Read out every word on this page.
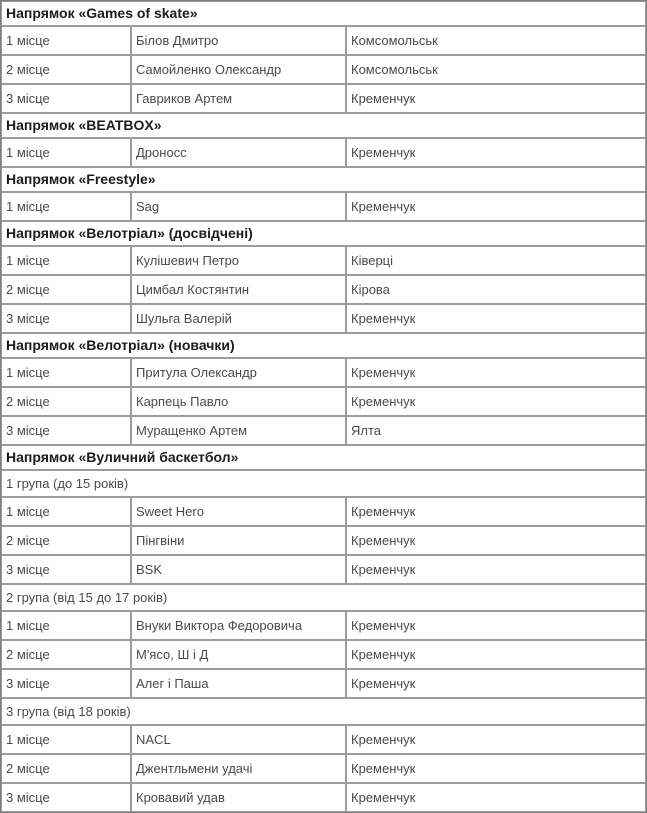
Напрямок «Games of skate»		
1 місце	Білов Дмитро	Комсомольськ
2 місце	Самойленко Олександр	Комсомольськ
3 місце	Гавриков Артем	Кременчук
Напрямок «BEATBOX»		
1 місце	Дроносс	Кременчук
Напрямок «Freestyle»		
1 місце	Sag	Кременчук
Напрямок «Велотріал» (досвідчені)		
1 місце	Кулішевич Петро	Ківерці
2 місце	Цимбал Костянтин	Кірова
3 місце	Шульга Валерій	Кременчук
Напрямок «Велотріал» (новачки)		
1 місце	Притула Олександр	Кременчук
2 місце	Карпець Павло	Кременчук
3 місце	Муращенко Артем	Ялта
Напрямок «Вуличний баскетбол»		
1 група (до 15 років)		
1 місце	Sweet Hero	Кременчук
2 місце	Пінгвіни	Кременчук
3 місце	BSK	Кременчук
2 група (від 15 до 17 років)		
1 місце	Внуки Виктора Федоровича	Кременчук
2 місце	М'ясо, Ш і Д	Кременчук
3 місце	Алег і Паша	Кременчук
3 група (від 18 років)		
1 місце	NACL	Кременчук
2 місце	Джентльмени удачі	Кременчук
3 місце	Кровавий удав	Кременчук
